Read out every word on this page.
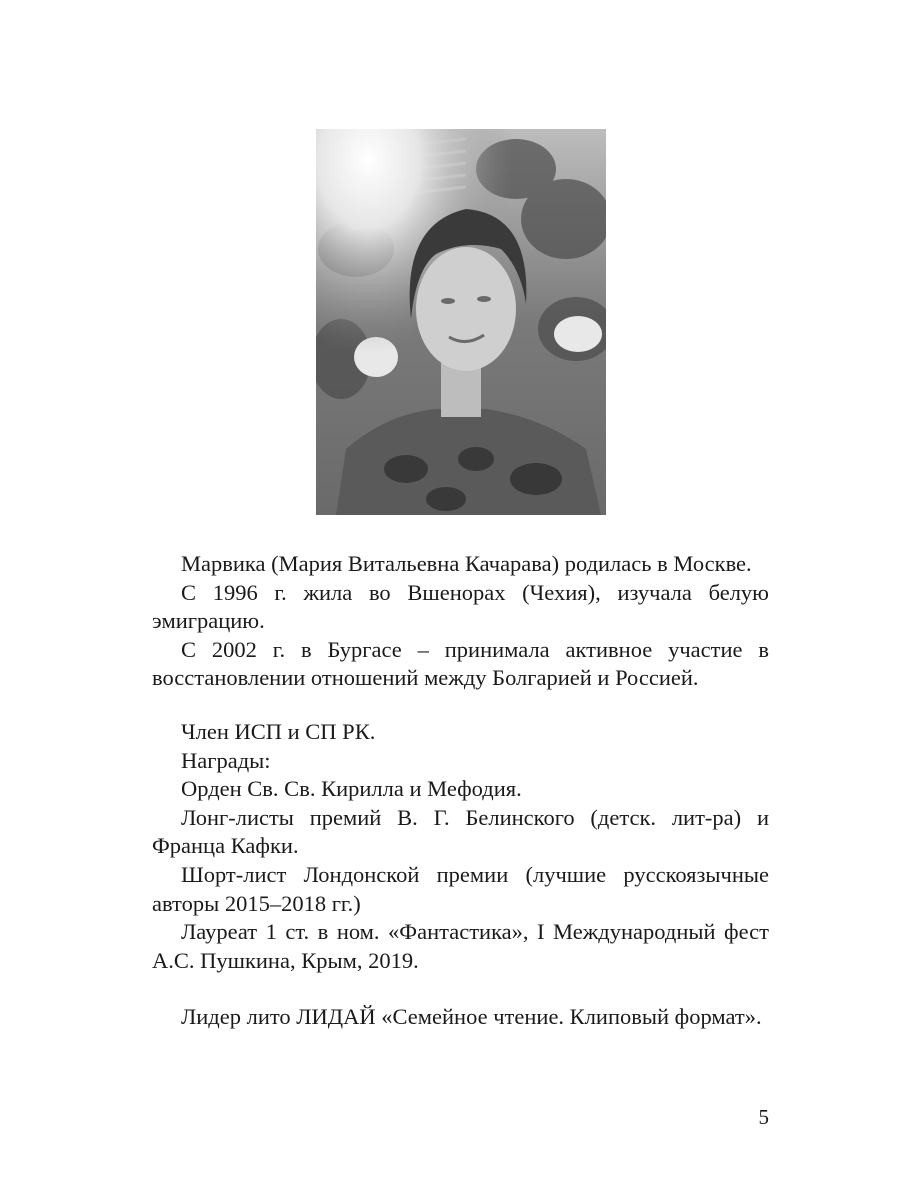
Марвика (Мария Витальевна Качарава) родилась в Москве.

С 1996 г. жила во Вшенорах (Чехия), изучала белую эмиграцию.

С 2002 г. в Бургасе – принимала активное участие в восстановлении отношений между Болгарией и Россией.

Член ИСП и СП РК.

Награды:

Орден Св. Св. Кирилла и Мефодия.

Лонг-листы премий В. Г. Белинского (детск. лит-ра) и Франца Кафки.

Шорт-лист Лондонской премии (лучшие русскоязычные авторы 2015–2018 гг.)

Лауреат 1 ст. в ном. «Фантастика», I Международный фест А.С. Пушкина, Крым, 2019.

Лидер лито ЛИДАЙ «Семейное чтение. Клиповый формат».

5
